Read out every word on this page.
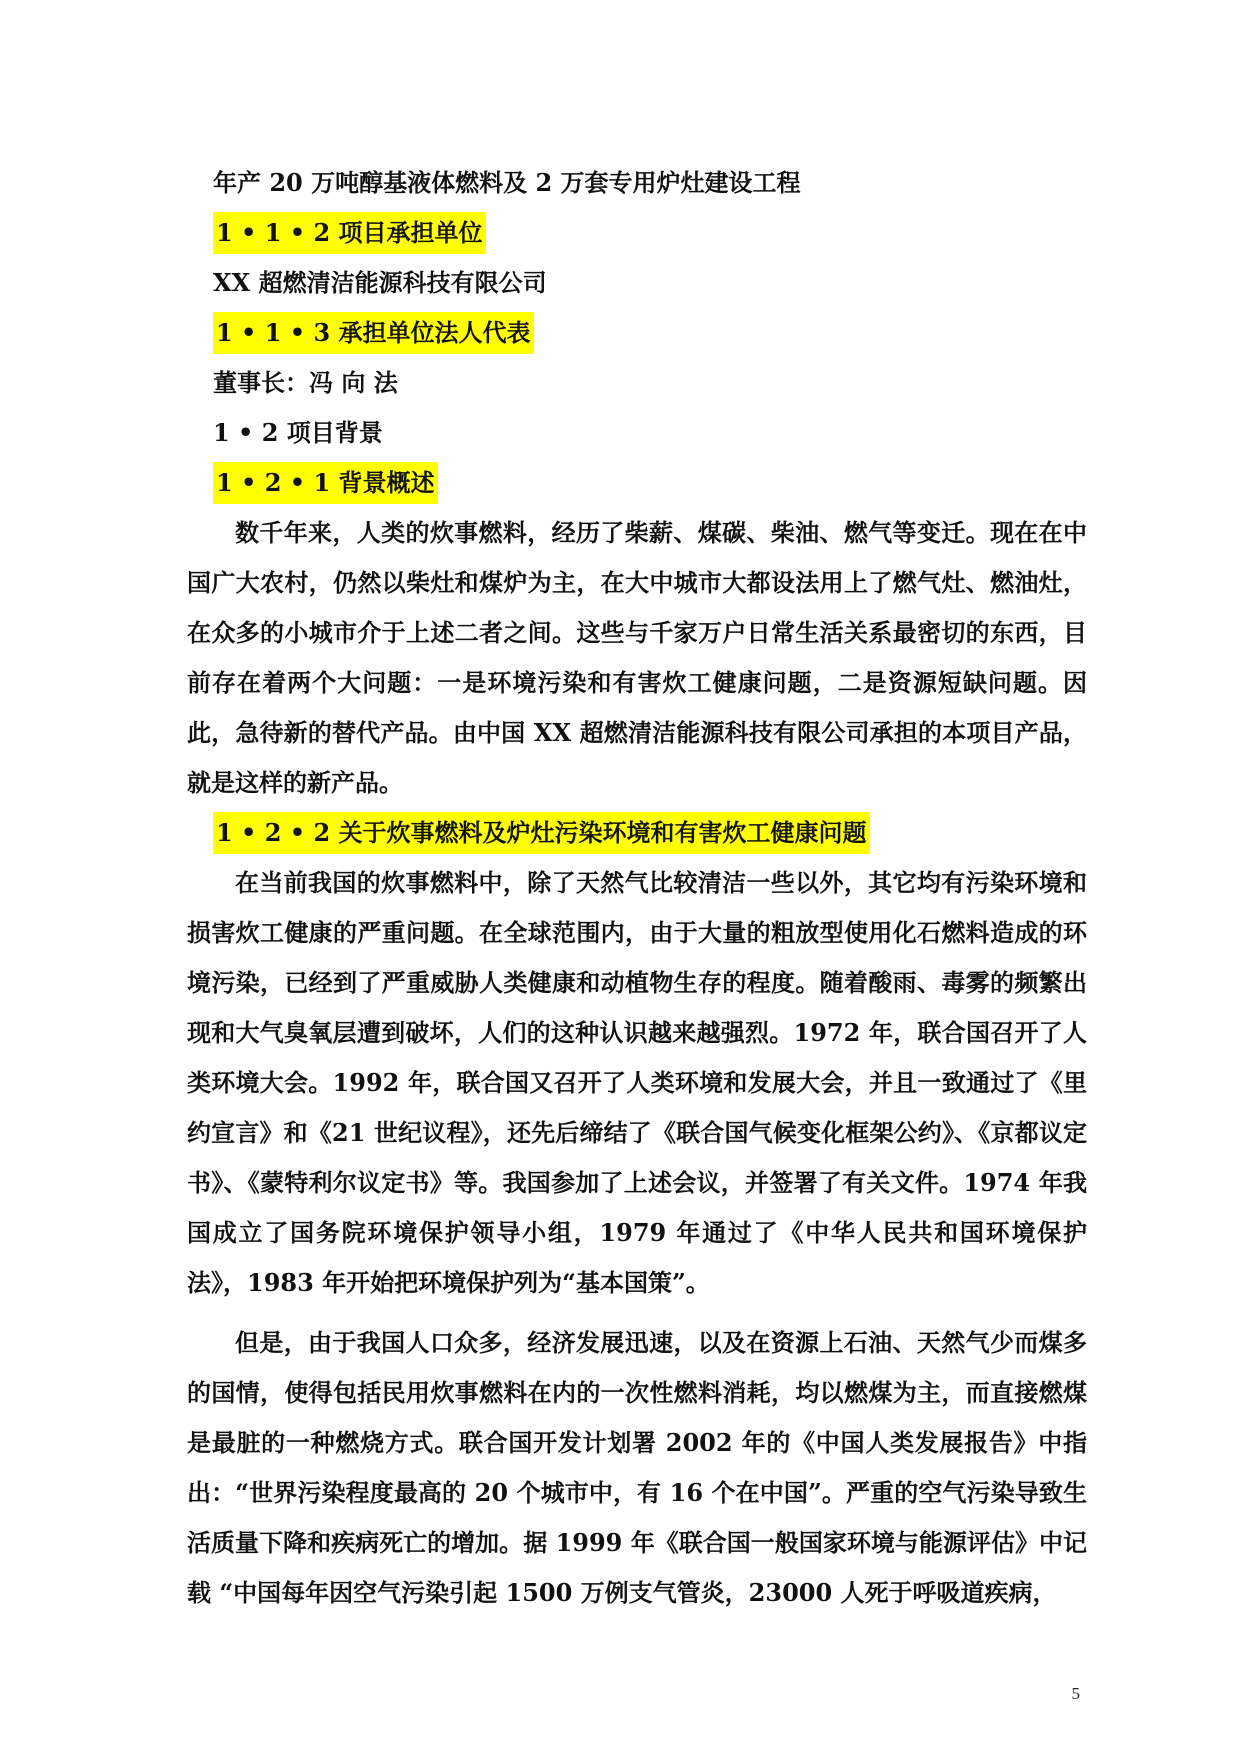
年产 20 万吨醇基液体燃料及 2 万套专用炉灶建设工程
1 • 1 • 2 项目承担单位
XX 超燃清洁能源科技有限公司
1 • 1 • 3 承担单位法人代表
董事长：冯 向 法
1 • 2 项目背景
1 • 2 • 1 背景概述

数千年来，人类的炊事燃料，经历了柴薪、煤碳、柴油、燃气等变迁。现在在中国广大农村，仍然以柴灶和煤炉为主，在大中城市大都设法用上了燃气灶、燃油灶，在众多的小城市介于上述二者之间。这些与千家万户日常生活关系最密切的东西，目前存在着两个大问题：一是环境污染和有害炊工健康问题，二是资源短缺问题。因此，急待新的替代产品。由中国 XX 超燃清洁能源科技有限公司承担的本项目产品，就是这样的新产品。

1 • 2 • 2 关于炊事燃料及炉灶污染环境和有害炊工健康问题

在当前我国的炊事燃料中，除了天然气比较清洁一些以外，其它均有污染环境和损害炊工健康的严重问题。在全球范围内，由于大量的粗放型使用化石燃料造成的环境污染，已经到了严重威胁人类健康和动植物生存的程度。随着酸雨、毒雾的频繁出现和大气臭氧层遭到破坏，人们的这种认识越来越强烈。1972 年，联合国召开了人类环境大会。1992 年，联合国又召开了人类环境和发展大会，并且一致通过了《里约宣言》和《21 世纪议程》，还先后缔结了《联合国气候变化框架公约》、《京都议定书》、《蒙特利尔议定书》等。我国参加了上述会议，并签署了有关文件。1974 年我国成立了国务院环境保护领导小组，1979 年通过了《中华人民共和国环境保护法》，1983 年开始把环境保护列为“基本国策”。

但是，由于我国人口众多，经济发展迅速，以及在资源上石油、天然气少而煤多的国情，使得包括民用炊事燃料在内的一次性燃料消耗，均以燃煤为主，而直接燃煤是最脏的一种燃烧方式。联合国开发计划署 2002 年的《中国人类发展报告》中指出：“世界污染程度最高的 20 个城市中，有 16 个在中国”。严重的空气污染导致生活质量下降和疾病死亡的增加。据 1999 年《联合国一般国家环境与能源评估》中记载 “中国每年因空气污染引起 1500 万例支气管炎，23000 人死于呼吸道疾病，

5
